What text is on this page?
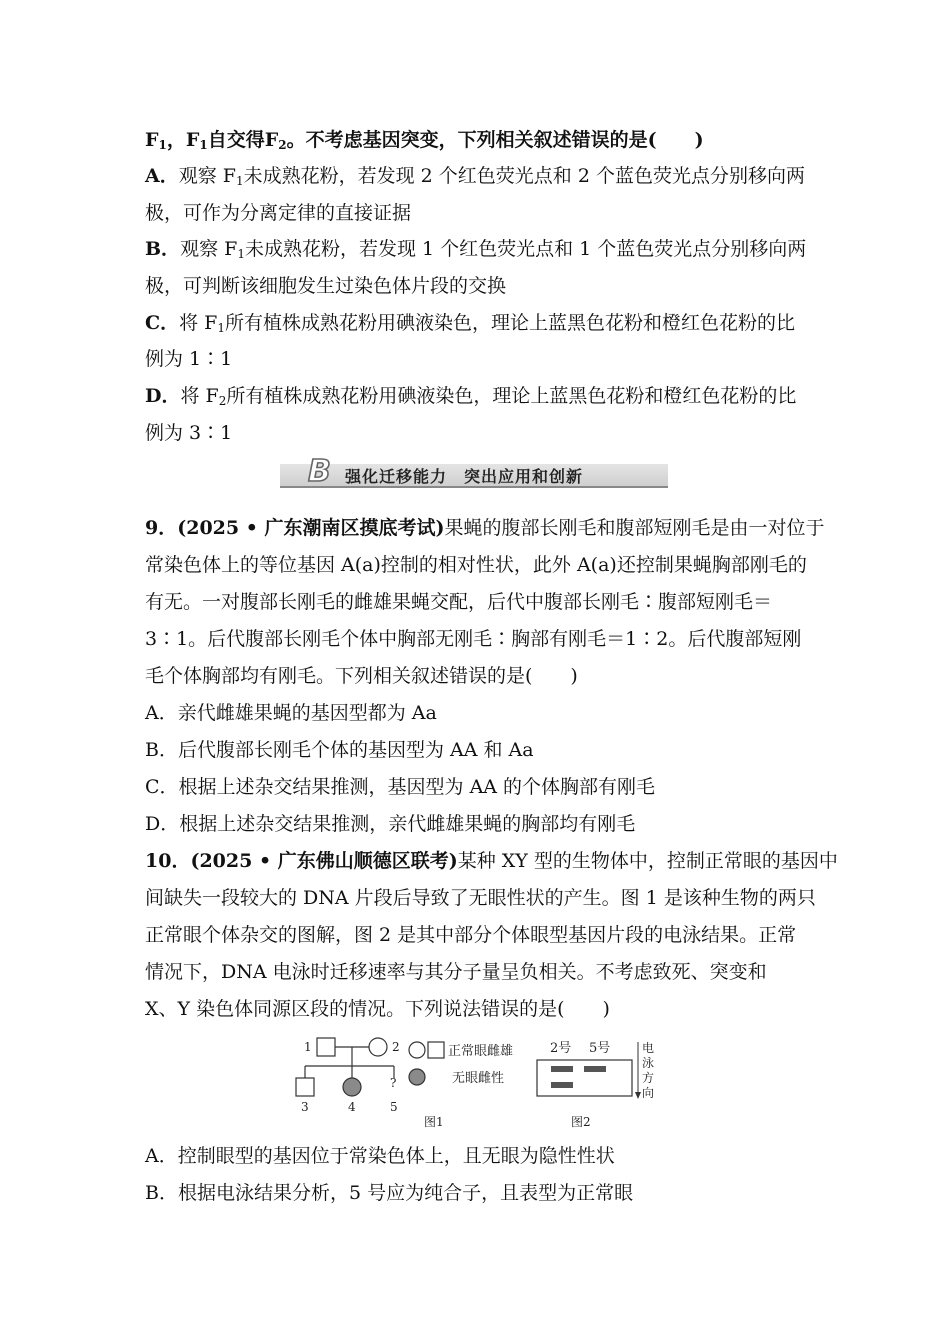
$F_1$，$F_1$自交得$F_2$。不考虑基因突变，下列相关叙述错误的是(　　)
A．观察 $F_1$未成熟花粉，若发现 2 个红色荧光点和 2 个蓝色荧光点分别移向两
极，可作为分离定律的直接证据
B．观察 $F_1$未成熟花粉，若发现 1 个红色荧光点和 1 个蓝色荧光点分别移向两
极，可判断该细胞发生过染色体片段的交换
C．将 $F_1$所有植株成熟花粉用碘液染色，理论上蓝黑色花粉和橙红色花粉的比
例为 1∶1
D．将 $F_2$所有植株成熟花粉用碘液染色，理论上蓝黑色花粉和橙红色花粉的比
例为 3∶1
B 强化迁移能力　突出应用和创新
9．(2025 • 广东潮南区摸底考试)果蝇的腹部长刚毛和腹部短刚毛是由一对位于
常染色体上的等位基因 A(a)控制的相对性状，此外 A(a)还控制果蝇胸部刚毛的
有无。一对腹部长刚毛的雌雄果蝇交配，后代中腹部长刚毛∶腹部短刚毛＝
3∶1。后代腹部长刚毛个体中胸部无刚毛∶胸部有刚毛＝1∶2。后代腹部短刚
毛个体胸部均有刚毛。下列相关叙述错误的是(　　)
A．亲代雌雄果蝇的基因型都为 Aa
B．后代腹部长刚毛个体的基因型为 AA 和 Aa
C．根据上述杂交结果推测，基因型为 AA 的个体胸部有刚毛
D．根据上述杂交结果推测，亲代雌雄果蝇的胸部均有刚毛
10．(2025 • 广东佛山顺德区联考)某种 XY 型的生物体中，控制正常眼的基因中
间缺失一段较大的 DNA 片段后导致了无眼性状的产生。图 1 是该种生物的两只
正常眼个体杂交的图解，图 2 是其中部分个体眼型基因片段的电泳结果。正常
情况下，DNA 电泳时迁移速率与其分子量呈负相关。不考虑致死、突变和
X、Y 染色体同源区段的情况。下列说法错误的是(　　)
1	2
?
3	4	5
正常眼雌雄
无眼雌性
图1
2号 5号	电
泳
方
向
图2
A．控制眼型的基因位于常染色体上，且无眼为隐性性状
B．根据电泳结果分析，5 号应为纯合子，且表型为正常眼
